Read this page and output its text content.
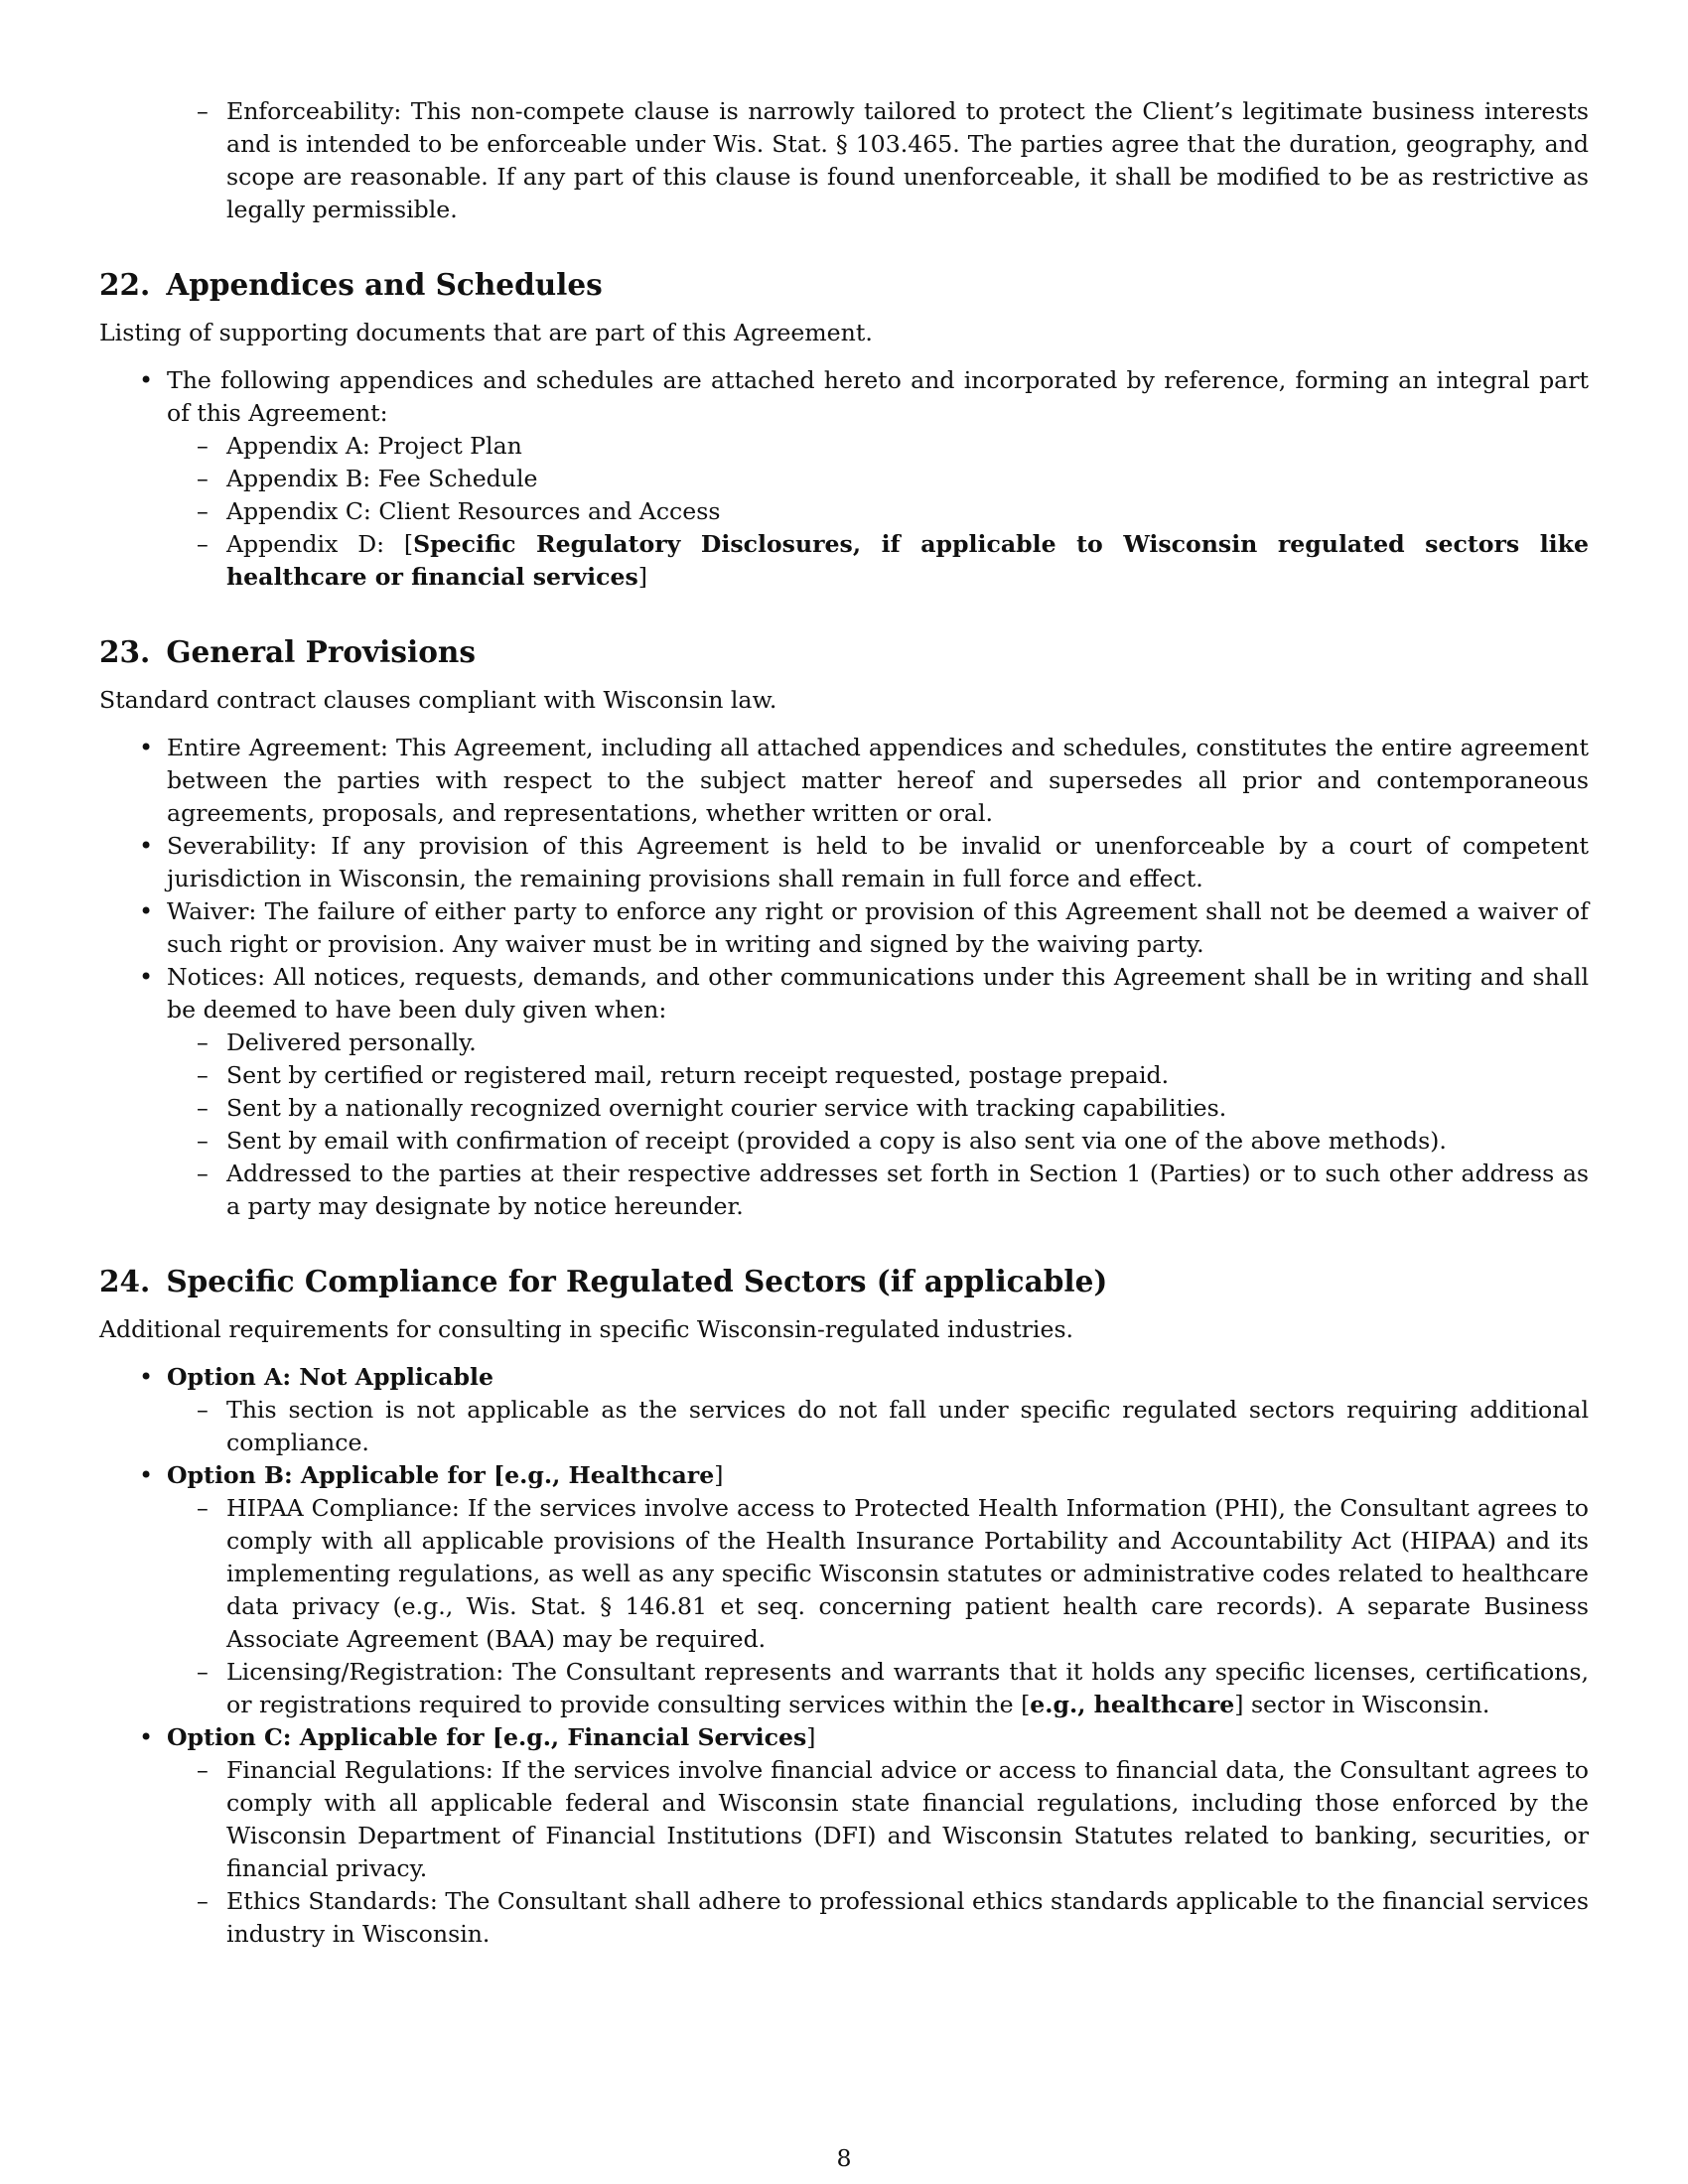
– Enforceability: This non-compete clause is narrowly tailored to protect the Client’s legitimate business interests and is intended to be enforceable under Wis. Stat. § 103.465. The parties agree that the duration, geography, and scope are reasonable. If any part of this clause is found unenforceable, it shall be modified to be as restrictive as legally permissible.

22. Appendices and Schedules

Listing of supporting documents that are part of this Agreement.

• The following appendices and schedules are attached hereto and incorporated by reference, forming an integral part of this Agreement:

– Appendix A: Project Plan

– Appendix B: Fee Schedule

– Appendix C: Client Resources and Access

– Appendix D: [Specific Regulatory Disclosures, if applicable to Wisconsin regulated sectors like healthcare or financial services]

23. General Provisions

Standard contract clauses compliant with Wisconsin law.

• Entire Agreement: This Agreement, including all attached appendices and schedules, constitutes the entire agreement between the parties with respect to the subject matter hereof and supersedes all prior and contemporaneous agreements, proposals, and representations, whether written or oral.

• Severability: If any provision of this Agreement is held to be invalid or unenforceable by a court of competent jurisdiction in Wisconsin, the remaining provisions shall remain in full force and effect.

• Waiver: The failure of either party to enforce any right or provision of this Agreement shall not be deemed a waiver of such right or provision. Any waiver must be in writing and signed by the waiving party.

• Notices: All notices, requests, demands, and other communications under this Agreement shall be in writing and shall be deemed to have been duly given when:

– Delivered personally.

– Sent by certified or registered mail, return receipt requested, postage prepaid.

– Sent by a nationally recognized overnight courier service with tracking capabilities.

– Sent by email with confirmation of receipt (provided a copy is also sent via one of the above methods).

– Addressed to the parties at their respective addresses set forth in Section 1 (Parties) or to such other address as a party may designate by notice hereunder.

24. Specific Compliance for Regulated Sectors (if applicable)

Additional requirements for consulting in specific Wisconsin-regulated industries.

• Option A: Not Applicable

– This section is not applicable as the services do not fall under specific regulated sectors requiring additional compliance.

• Option B: Applicable for [e.g., Healthcare]

– HIPAA Compliance: If the services involve access to Protected Health Information (PHI), the Consultant agrees to comply with all applicable provisions of the Health Insurance Portability and Accountability Act (HIPAA) and its implementing regulations, as well as any specific Wisconsin statutes or administrative codes related to healthcare data privacy (e.g., Wis. Stat. § 146.81 et seq. concerning patient health care records). A separate Business Associate Agreement (BAA) may be required.

– Licensing/Registration: The Consultant represents and warrants that it holds any specific licenses, certifications, or registrations required to provide consulting services within the [e.g., healthcare] sector in Wisconsin.

• Option C: Applicable for [e.g., Financial Services]

– Financial Regulations: If the services involve financial advice or access to financial data, the Consultant agrees to comply with all applicable federal and Wisconsin state financial regulations, including those enforced by the Wisconsin Department of Financial Institutions (DFI) and Wisconsin Statutes related to banking, securities, or financial privacy.

– Ethics Standards: The Consultant shall adhere to professional ethics standards applicable to the financial services industry in Wisconsin.

8
